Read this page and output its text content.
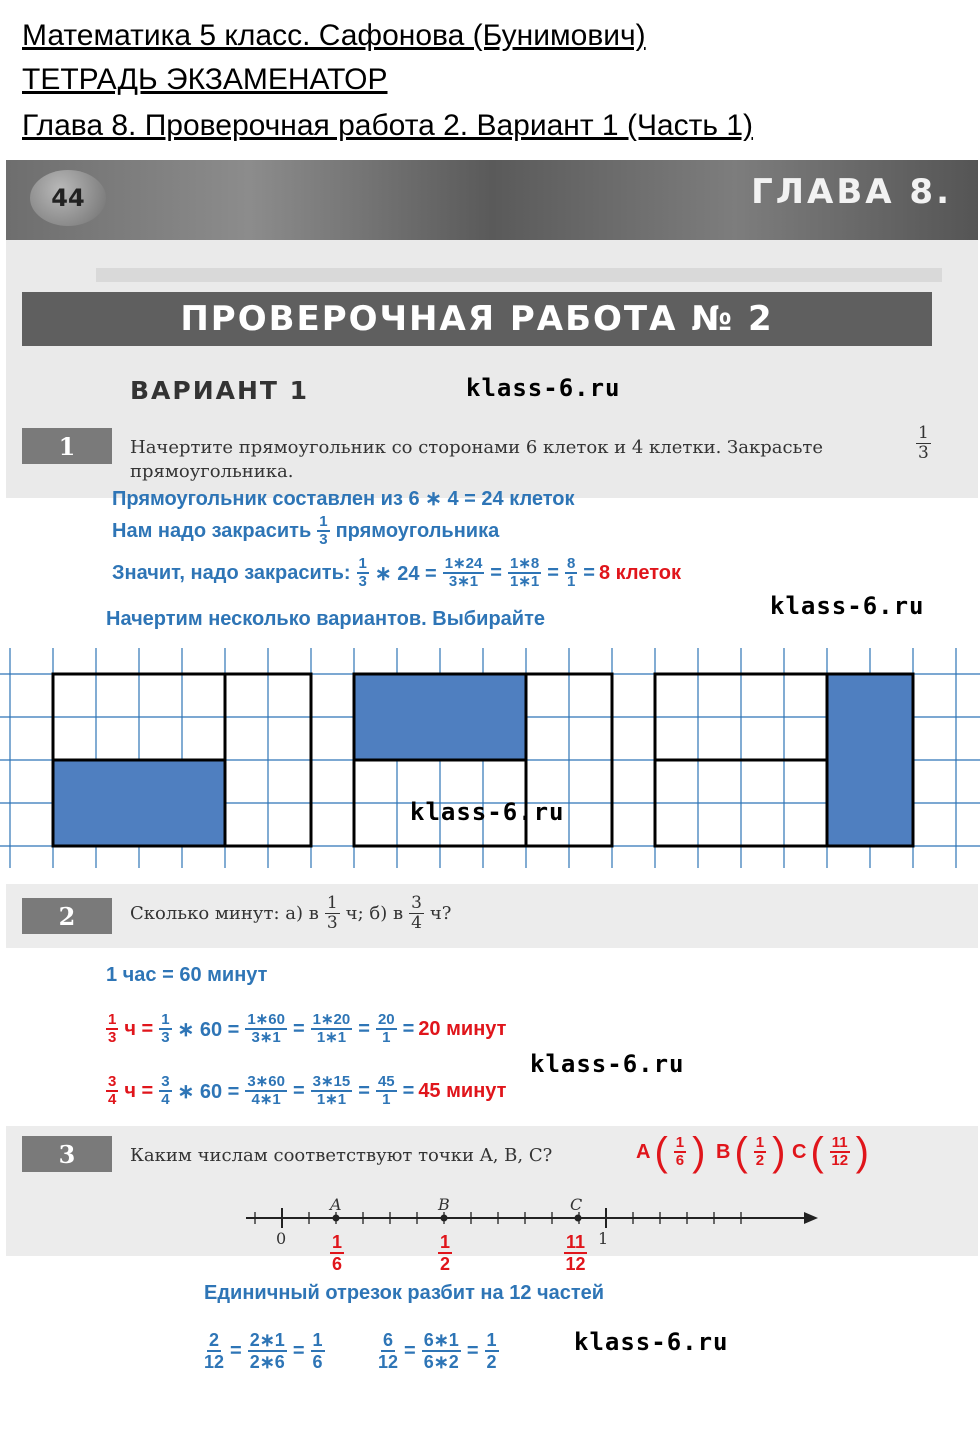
Математика 5 класс. Сафонова (Бунимович)
ТЕТРАДЬ ЭКЗАМЕНАТОР
Глава 8. Проверочная работа 2. Вариант 1 (Часть 1)
44	ГЛАВА 8.
ПРОВЕРОЧНАЯ РАБОТА № 2
ВАРИАНТ 1	klass-6.ru
1	Начертите прямоугольник со сторонами 6 клеток и 4 клетки. Закрасьте
прямоугольника.
$\frac{1}{3}$
Прямоугольник составлен из 6 ∗ 4 = 24 клеток
Нам надо закрасить $\frac{1}{3}$ прямоугольника
Значит, надо закрасить: $\frac{1}{3}$ ∗ $24 = \frac{1∗24}{3∗1} = \frac{1∗8}{1∗1} = \frac{8}{1} = 8$ клеток
klass-6.ru
Начертим несколько вариантов. Выбирайте
klass-6.ru
2	Сколько минут: а) в $\frac{1}{3} ч$; б) в $\frac{3}{4} ч$?
1 час = 60 минут
$\frac{1}{3}$ $ч = \frac{1}{3}$ ∗ $60 = \frac{1∗60}{3∗1} = \frac{1∗20}{1∗1} = \frac{20}{1} = 20$ минут
klass-6.ru
$\frac{3}{4}$ $ч = \frac{3}{4}$ ∗ $60 = \frac{3∗60}{4∗1} = \frac{3∗15}{1∗1} = \frac{45}{1} = 45$ минут
3	Каким числам соответствуют точки A, B, C?	A ( $\frac{1}{6}$ ) B ( $\frac{1}{2}$ ) C ( $\frac{11}{12}$ )
0	1
A	B	C
$\frac{1}{6}$	$\frac{1}{2}$	$\frac{11}{12}$
Единичный отрезок разбит на 12 частей
$\frac{2}{12} = \frac{2∗1}{2∗6} = \frac{1}{6}$	$\frac{6}{12} = \frac{6∗1}{6∗2} = \frac{1}{2}$	klass-6.ru
